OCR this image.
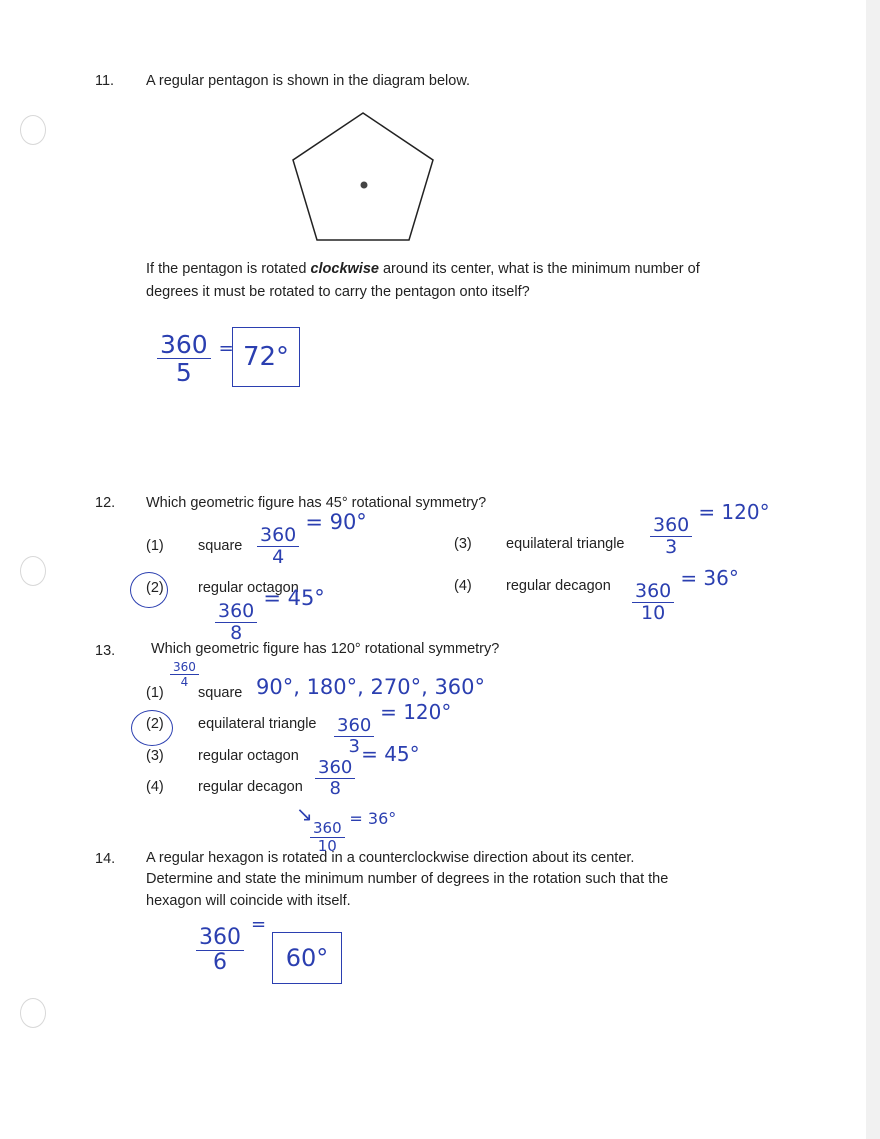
11. A regular pentagon is shown in the diagram below.
If the pentagon is rotated clockwise around its center, what is the minimum number of
degrees it must be rotated to carry the pentagon onto itself?
$\frac{360}{5} ^=$ 72°
12. Which geometric figure has 45° rotational symmetry?
(1) square $\frac{360}{4}$
= 90°
(2) regular octagon
$\frac{360}{8}$
= 45°
(3) equilateral triangle $\frac{360}{3}$
= 120°
(4) regular decagon $\frac{360}{10}$
= 36°
13. Which geometric figure has 120° rotational symmetry?
(1)
$\frac{360}{4}$
square 90°, 180°, 270°, 360°
(2) equilateral triangle $\frac{360}{3}$
= 120°
(3) regular octagon
$\frac{360}{8}$
= 45°
(4) regular decagon
↘
$\frac{360}{10}$
= 36°
14. A regular hexagon is rotated in a counterclockwise direction about its center.
Determine and state the minimum number of degrees in the rotation such that the
hexagon will coincide with itself.
$\frac{360}{6}$
=
60°
